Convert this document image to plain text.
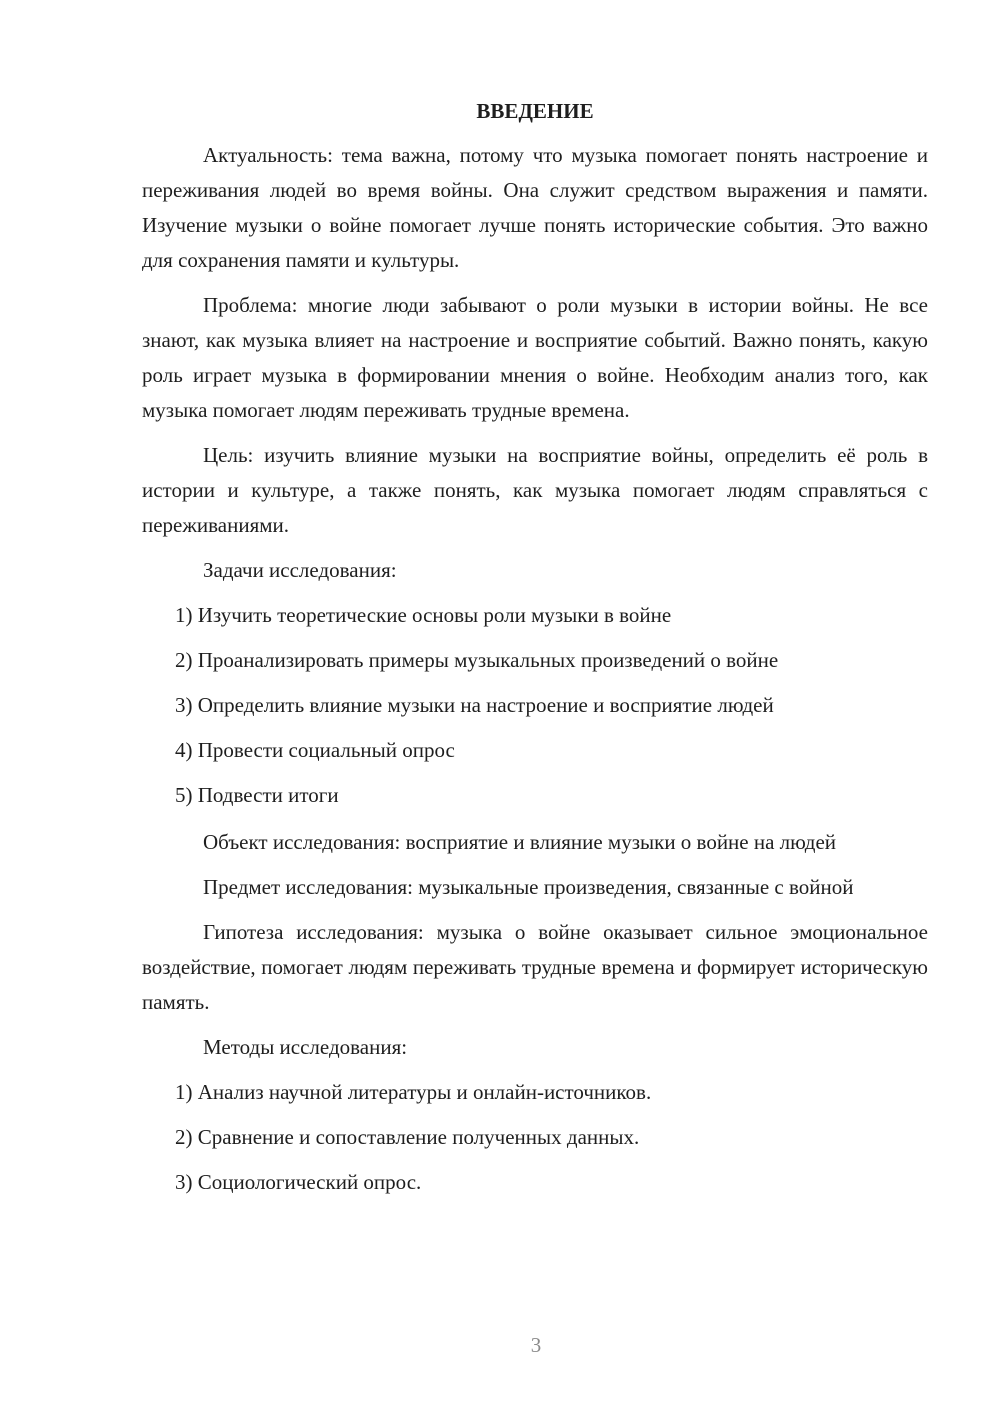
ВВЕДЕНИЕ

Актуальность: тема важна, потому что музыка помогает понять настроение и переживания людей во время войны. Она служит средством выражения и памяти. Изучение музыки о войне помогает лучше понять исторические события. Это важно для сохранения памяти и культуры.

Проблема: многие люди забывают о роли музыки в истории войны. Не все знают, как музыка влияет на настроение и восприятие событий. Важно понять, какую роль играет музыка в формировании мнения о войне. Необходим анализ того, как музыка помогает людям переживать трудные времена.

Цель: изучить влияние музыки на восприятие войны, определить её роль в истории и культуре, а также понять, как музыка помогает людям справляться с переживаниями.

Задачи исследования:

1) Изучить теоретические основы роли музыки в войне
2) Проанализировать примеры музыкальных произведений о войне
3) Определить влияние музыки на настроение и восприятие людей
4) Провести социальный опрос
5) Подвести итоги

Объект исследования: восприятие и влияние музыки о войне на людей

Предмет исследования: музыкальные произведения, связанные с войной

Гипотеза исследования: музыка о войне оказывает сильное эмоциональное воздействие, помогает людям переживать трудные времена и формирует историческую память.

Методы исследования:

1) Анализ научной литературы и онлайн-источников.
2) Сравнение и сопоставление полученных данных.
3) Социологический опрос.
3
